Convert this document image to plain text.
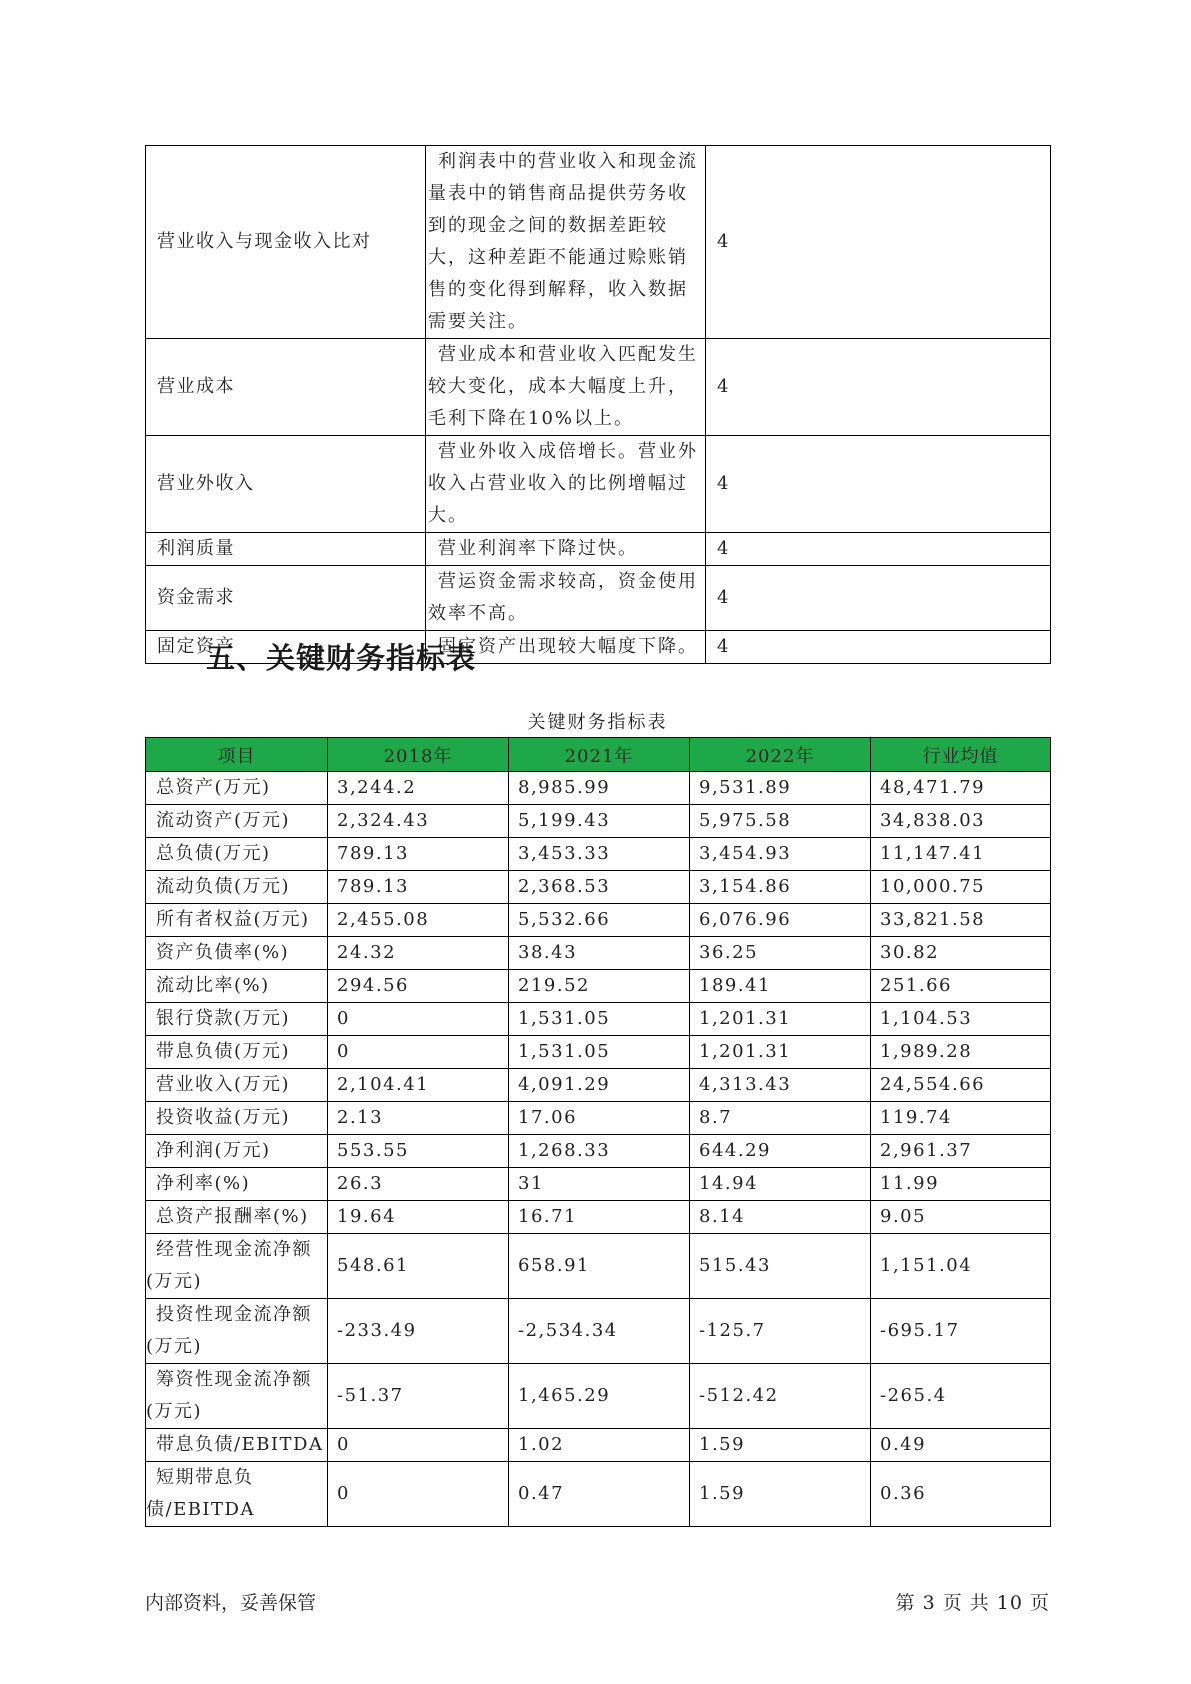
营业收入与现金收入比对	利润表中的营业收入和现金流量表中的销售商品提供劳务收到的现金之间的数据差距较大，这种差距不能通过赊账销售的变化得到解释，收入数据需要关注。	4
营业成本	营业成本和营业收入匹配发生较大变化，成本大幅度上升，毛利下降在10%以上。	4
营业外收入	营业外收入成倍增长。营业外收入占营业收入的比例增幅过大。	4
利润质量	营业利润率下降过快。	4
资金需求	营运资金需求较高，资金使用效率不高。	4
固定资产	固定资产出现较大幅度下降。	4
五、关键财务指标表
关键财务指标表
项目	2018年	2021年	2022年	行业均值
总资产(万元)	3,244.2	8,985.99	9,531.89	48,471.79
流动资产(万元)	2,324.43	5,199.43	5,975.58	34,838.03
总负债(万元)	789.13	3,453.33	3,454.93	11,147.41
流动负债(万元)	789.13	2,368.53	3,154.86	10,000.75
所有者权益(万元)	2,455.08	5,532.66	6,076.96	33,821.58
资产负债率(%)	24.32	38.43	36.25	30.82
流动比率(%)	294.56	219.52	189.41	251.66
银行贷款(万元)	0	1,531.05	1,201.31	1,104.53
带息负债(万元)	0	1,531.05	1,201.31	1,989.28
营业收入(万元)	2,104.41	4,091.29	4,313.43	24,554.66
投资收益(万元)	2.13	17.06	8.7	119.74
净利润(万元)	553.55	1,268.33	644.29	2,961.37
净利率(%)	26.3	31	14.94	11.99
总资产报酬率(%)	19.64	16.71	8.14	9.05
经营性现金流净额(万元)	548.61	658.91	515.43	1,151.04
投资性现金流净额(万元)	-233.49	-2,534.34	-125.7	-695.17
筹资性现金流净额(万元)	-51.37	1,465.29	-512.42	-265.4
带息负债/EBITDA	0	1.02	1.59	0.49
短期带息负债/EBITDA	0	0.47	1.59	0.36
内部资料，妥善保管	第 3 页 共 10 页
